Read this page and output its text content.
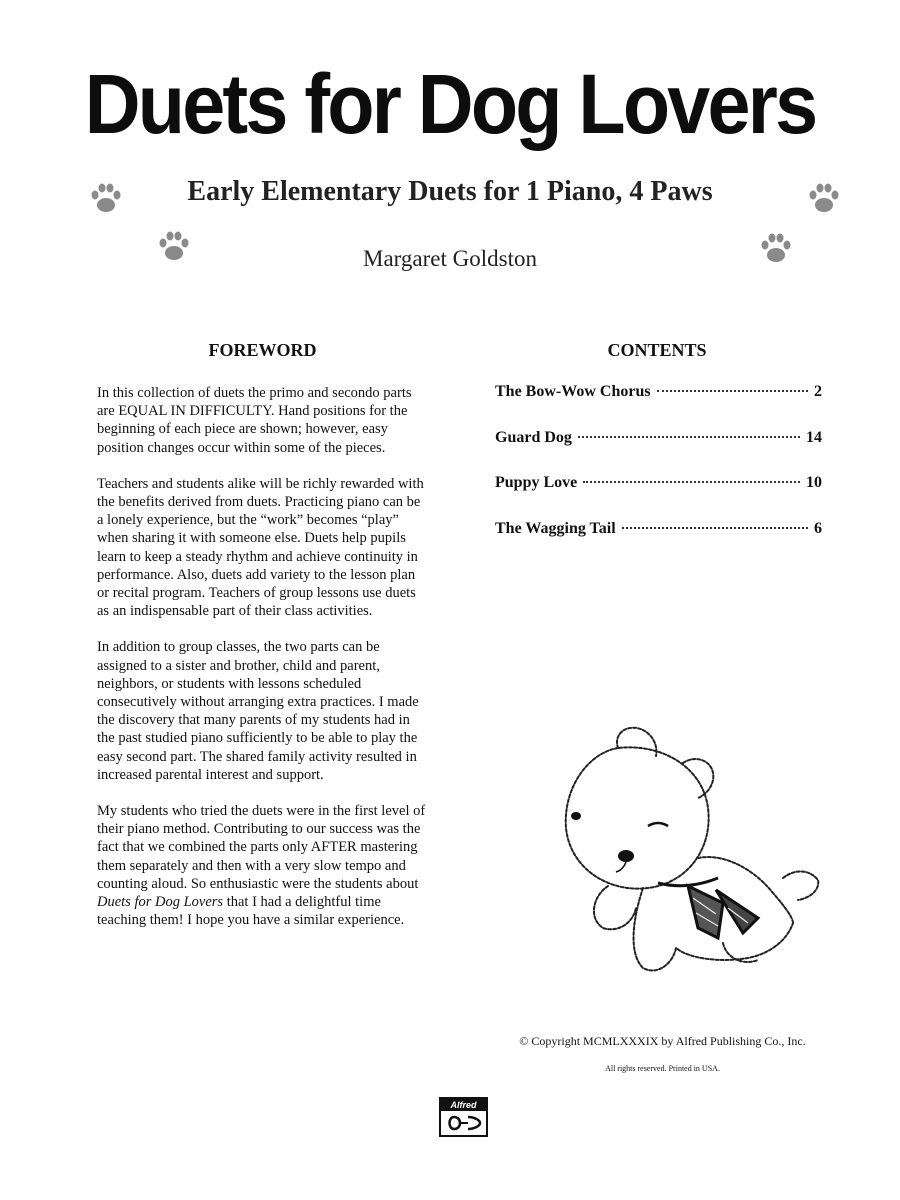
Duets for Dog Lovers
Early Elementary Duets for 1 Piano, 4 Paws
Margaret Goldston
FOREWORD

In this collection of duets the primo and secondo parts are EQUAL IN DIFFICULTY. Hand positions for the beginning of each piece are shown; however, easy position changes occur within some of the pieces.

Teachers and students alike will be richly rewarded with the benefits derived from duets. Practicing piano can be a lonely experience, but the “work” becomes “play” when sharing it with someone else. Duets help pupils learn to keep a steady rhythm and achieve continuity in performance. Also, duets add variety to the lesson plan or recital program. Teachers of group lessons use duets as an indispensable part of their class activities.

In addition to group classes, the two parts can be assigned to a sister and brother, child and parent, neighbors, or students with lessons scheduled consecutively without arranging extra practices. I made the discovery that many parents of my students had in the past studied piano sufficiently to be able to play the easy second part. The shared family activity resulted in increased parental interest and support.

My students who tried the duets were in the first level of their piano method. Contributing to our success was the fact that we combined the parts only AFTER mastering them separately and then with a very slow tempo and counting aloud. So enthusiastic were the students about Duets for Dog Lovers that I had a delightful time teaching them! I hope you have a similar experience.

CONTENTS
The Bow-Wow Chorus	2
Guard Dog	14
Puppy Love	10
The Wagging Tail	6
© Copyright MCMLXXXIX by Alfred Publishing Co., Inc.
All rights reserved. Printed in USA.
Alfred
